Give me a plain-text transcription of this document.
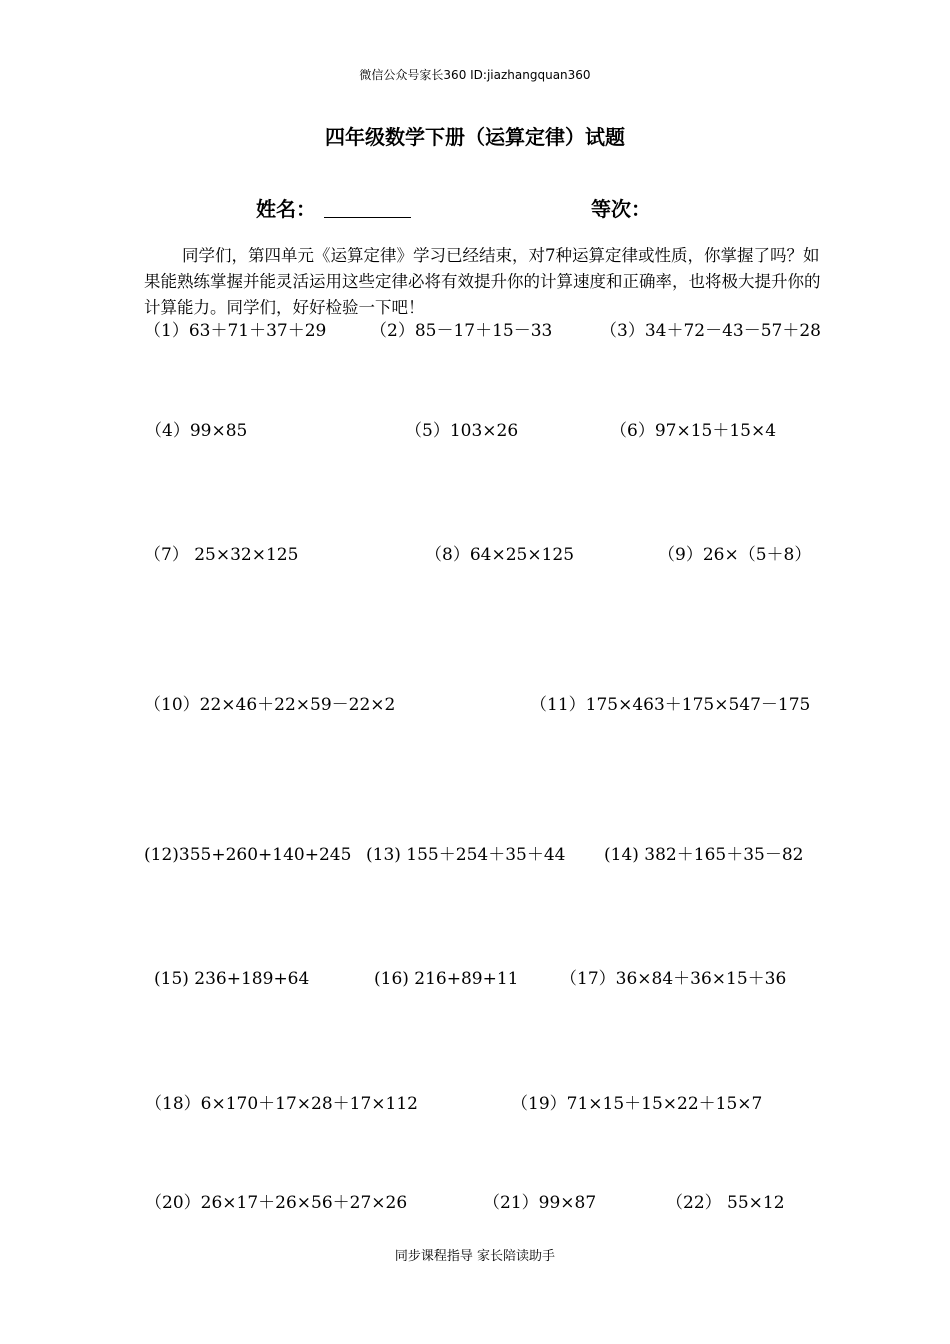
微信公众号家长360 ID:jiazhangquan360
四年级数学下册（运算定律）试题
姓名：	等次：
同学们，第四单元《运算定律》学习已经结束，对7种运算定律或性质，你掌握了吗？如果能熟练掌握并能灵活运用这些定律必将有效提升你的计算速度和正确率，也将极大提升你的计算能力。同学们，好好检验一下吧！
（1）63＋71＋37＋29	（2）85－17＋15－33	（3）34＋72－43－57＋28
（4）99×85	（5）103×26	（6）97×15＋15×4
（7） 25×32×125	（8）64×25×125	（9）26×（5＋8）
（10）22×46＋22×59－22×2	（11）175×463＋175×547－175
(12)355+260+140+245 (13) 155＋254＋35＋44 (14) 382＋165＋35－82
(15) 236+189+64	(16) 216+89+11 （17）36×84＋36×15＋36
（18）6×170＋17×28＋17×112	（19）71×15＋15×22＋15×7
（20）26×17＋26×56＋27×26	（21）99×87	（22） 55×12
同步课程指导 家长陪读助手
